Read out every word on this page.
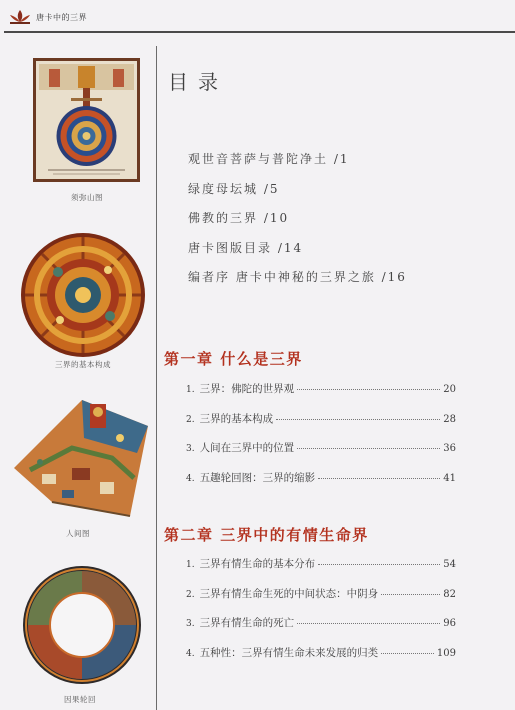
唐卡中的三界
须弥山图
三界的基本构成
人间图
因果轮回
目录
观世音菩萨与普陀净土 /1
绿度母坛城 /5
佛教的三界 /10
唐卡图版目录 /14
编者序 唐卡中神秘的三界之旅 /16
第一章 什么是三界
1. 三界：佛陀的世界观	20
2. 三界的基本构成	28
3. 人间在三界中的位置	36
4. 五趣轮回图：三界的缩影	41
第二章 三界中的有情生命界
1. 三界有情生命的基本分布	54
2. 三界有情生命生死的中间状态：中阴身	82
3. 三界有情生命的死亡	96
4. 五种性：三界有情生命未来发展的归类	109
